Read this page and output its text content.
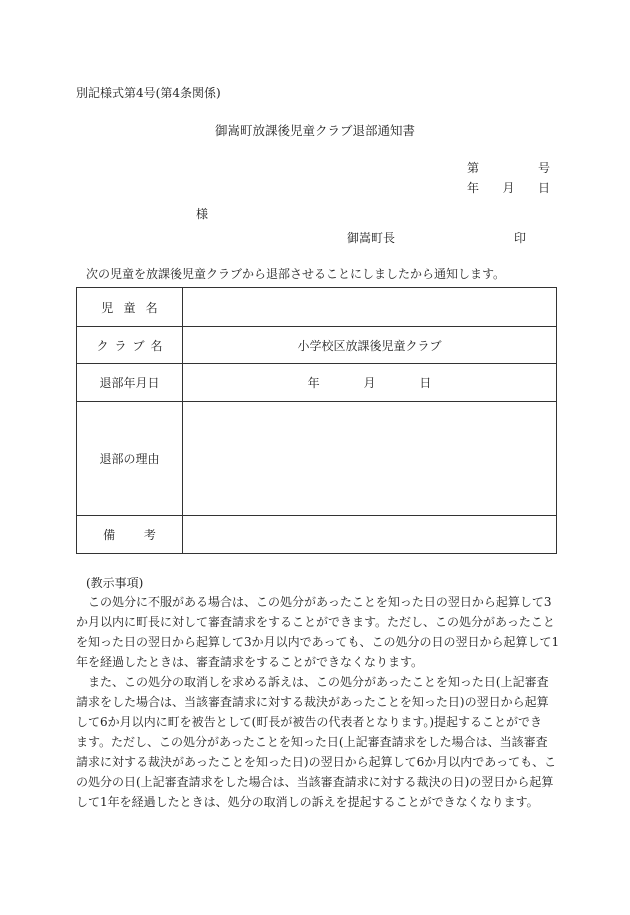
別記様式第4号(第4条関係)
御嵩町放課後児童クラブ退部通知書
第	号
年 月 日
様
御嵩町長	印
次の児童を放課後児童クラブから退部させることにしましたから通知します。
児童名	
クラブ名	小学校区放課後児童クラブ
退部年月日	年 月 日
退部の理由	
備考	
(教示事項)
この処分に不服がある場合は、この処分があったことを知った日の翌日から起算して3
か月以内に町長に対して審査請求をすることができます。ただし、この処分があったこと
を知った日の翌日から起算して3か月以内であっても、この処分の日の翌日から起算して1
年を経過したときは、審査請求をすることができなくなります。
また、この処分の取消しを求める訴えは、この処分があったことを知った日(上記審査
請求をした場合は、当該審査請求に対する裁決があったことを知った日)の翌日から起算
して6か月以内に町を被告として(町長が被告の代表者となります。)提起することができ
ます。ただし、この処分があったことを知った日(上記審査請求をした場合は、当該審査
請求に対する裁決があったことを知った日)の翌日から起算して6か月以内であっても、こ
の処分の日(上記審査請求をした場合は、当該審査請求に対する裁決の日)の翌日から起算
して1年を経過したときは、処分の取消しの訴えを提起することができなくなります。
